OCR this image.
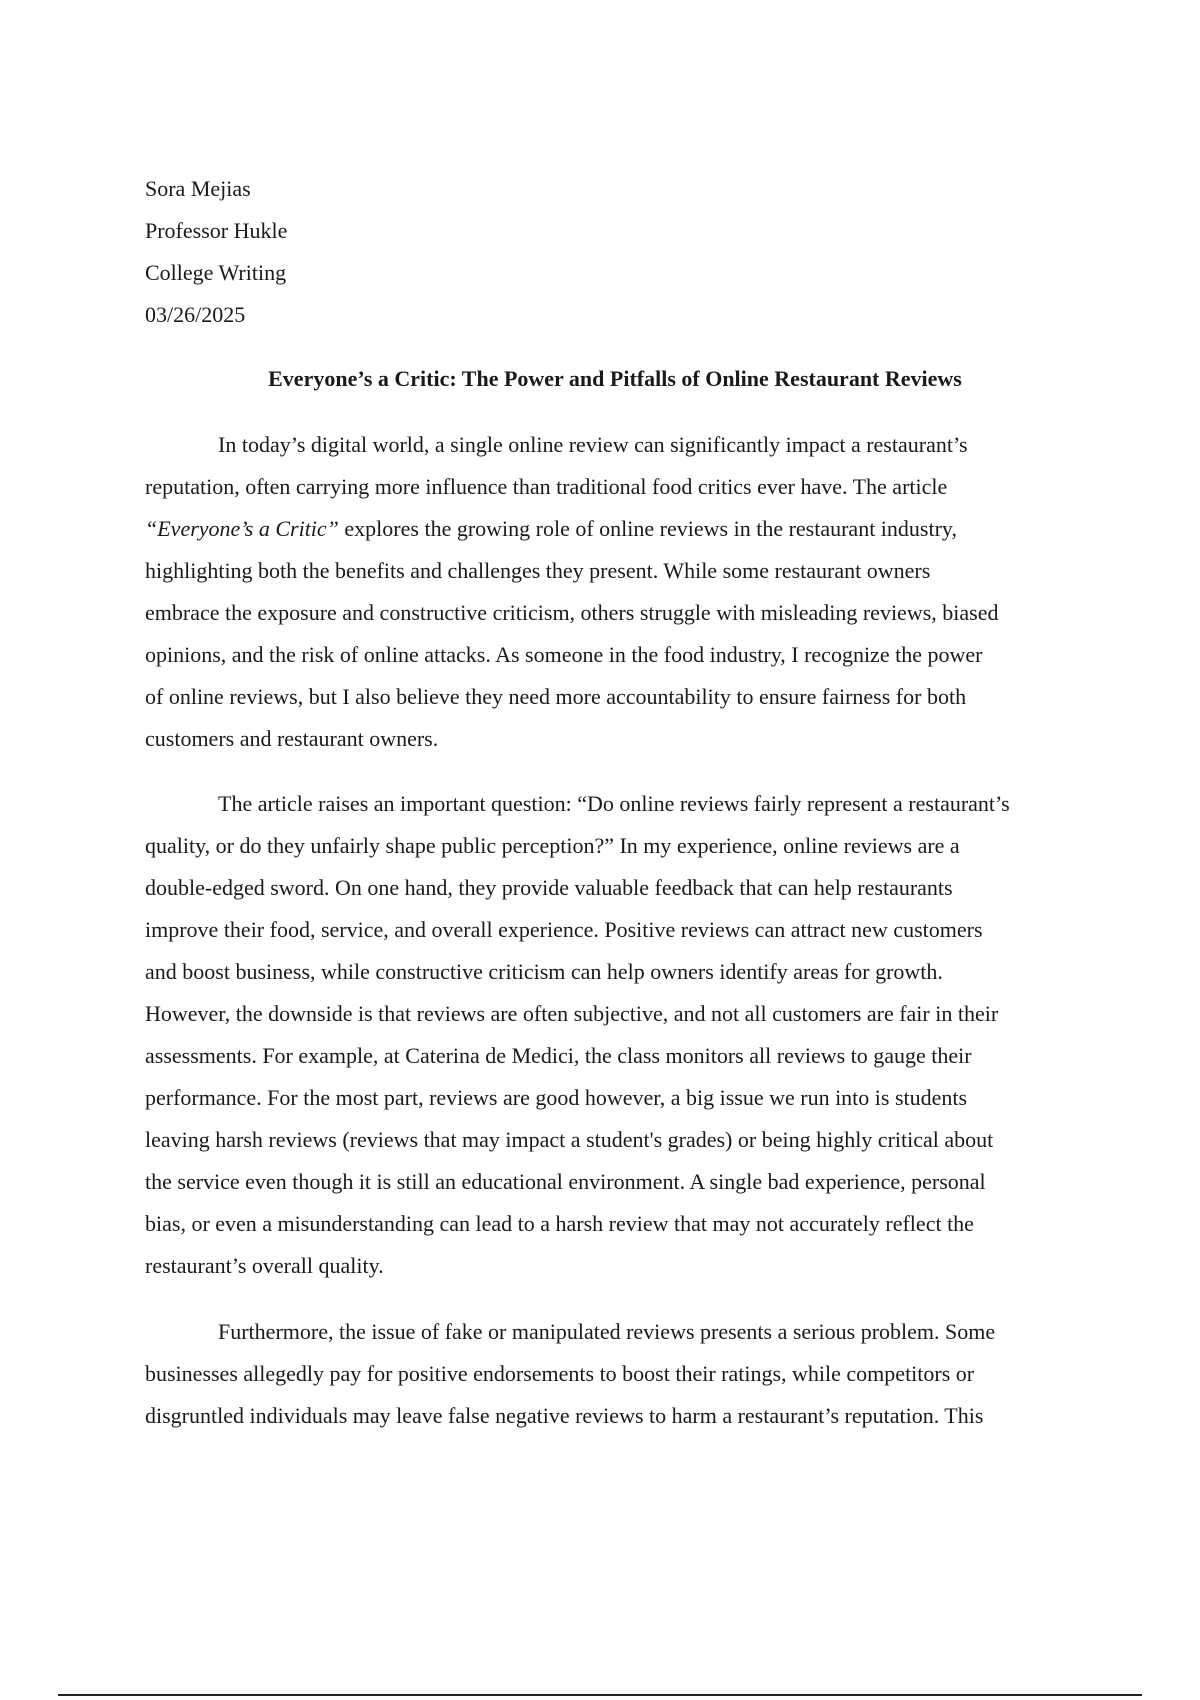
Sora Mejias
Professor Hukle
College Writing
03/26/2025
Everyone’s a Critic: The Power and Pitfalls of Online Restaurant Reviews
In today’s digital world, a single online review can significantly impact a restaurant’s
reputation, often carrying more influence than traditional food critics ever have. The article
“Everyone’s a Critic” explores the growing role of online reviews in the restaurant industry,
highlighting both the benefits and challenges they present. While some restaurant owners
embrace the exposure and constructive criticism, others struggle with misleading reviews, biased
opinions, and the risk of online attacks. As someone in the food industry, I recognize the power
of online reviews, but I also believe they need more accountability to ensure fairness for both
customers and restaurant owners.
The article raises an important question: “Do online reviews fairly represent a restaurant’s
quality, or do they unfairly shape public perception?” In my experience, online reviews are a
double-edged sword. On one hand, they provide valuable feedback that can help restaurants
improve their food, service, and overall experience. Positive reviews can attract new customers
and boost business, while constructive criticism can help owners identify areas for growth.
However, the downside is that reviews are often subjective, and not all customers are fair in their
assessments. For example, at Caterina de Medici, the class monitors all reviews to gauge their
performance. For the most part, reviews are good however, a big issue we run into is students
leaving harsh reviews (reviews that may impact a student's grades) or being highly critical about
the service even though it is still an educational environment. A single bad experience, personal
bias, or even a misunderstanding can lead to a harsh review that may not accurately reflect the
restaurant’s overall quality.
Furthermore, the issue of fake or manipulated reviews presents a serious problem. Some
businesses allegedly pay for positive endorsements to boost their ratings, while competitors or
disgruntled individuals may leave false negative reviews to harm a restaurant’s reputation. This
